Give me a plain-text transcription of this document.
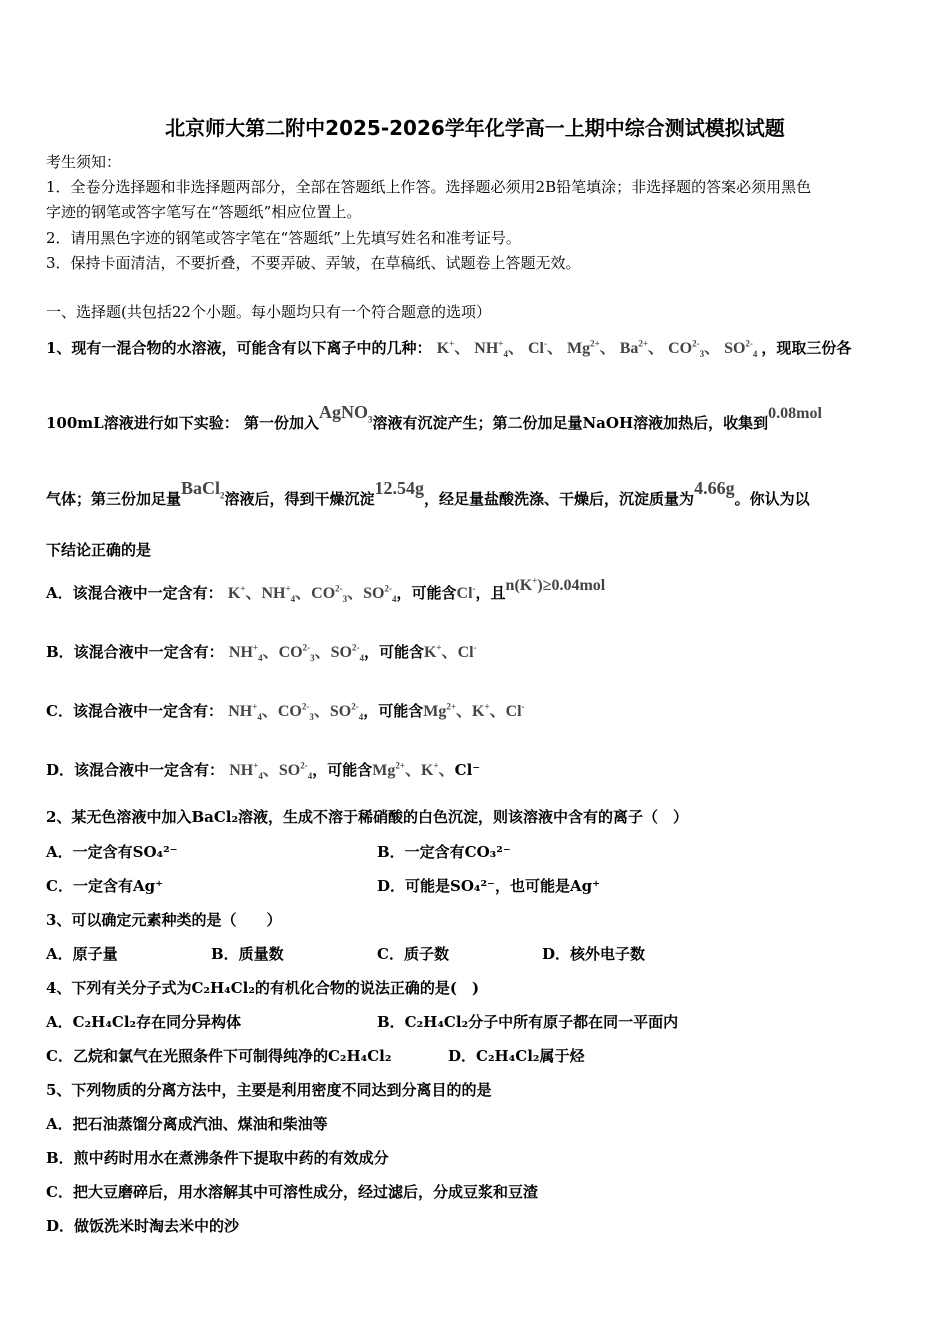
北京师大第二附中2025-2026学年化学高一上期中综合测试模拟试题
考生须知：
1．全卷分选择题和非选择题两部分，全部在答题纸上作答。选择题必须用2B铅笔填涂；非选择题的答案必须用黑色
字迹的钢笔或答字笔写在“答题纸”相应位置上。
2．请用黑色字迹的钢笔或答字笔在“答题纸”上先填写姓名和准考证号。
3．保持卡面清洁，不要折叠，不要弄破、弄皱，在草稿纸、试题卷上答题无效。
一、选择题(共包括22个小题。每小题均只有一个符合题意的选项）
1、现有一混合物的水溶液，可能含有以下离子中的几种： K+、 $NH^+_4$、 Cl-、 $Mg^{2+}$、 $Ba^{2+}$、 $CO^{2-}_3$、 $SO^{2-}_4$ ，现取三份各
100mL溶液进行如下实验： 第一份加入AgNO$_3$溶液有沉淀产生；第二份加足量NaOH溶液加热后，收集到0.08mol
气体；第三份加足量BaCl$_2$溶液后，得到干燥沉淀12.54g，经足量盐酸洗涤、干燥后，沉淀质量为4.66g。你认为以
下结论正确的是
A．该混合液中一定含有： K+、$NH^+_4$、$CO^{2-}_3$、$SO^{2-}_4$，可能含Cl-，且n(K+)≥0.04mol
B．该混合液中一定含有： $NH^+_4$、$CO^{2-}_3$、$SO^{2-}_4$，可能含K+、Cl-
C．该混合液中一定含有： $NH^+_4$、$CO^{2-}_3$、$SO^{2-}_4$，可能含$Mg^{2+}$、K+、Cl-
D．该混合液中一定含有： $NH^+_4$、$SO^{2-}_4$，可能含$Mg^{2+}$、K+、Cl⁻
2、某无色溶液中加入BaCl₂溶液，生成不溶于稀硝酸的白色沉淀，则该溶液中含有的离子（　）
A．一定含有SO₄²⁻	B．一定含有CO₃²⁻
C．一定含有Ag⁺	D．可能是SO₄²⁻，也可能是Ag⁺
3、可以确定元素种类的是（　　）
A．原子量	B．质量数	C．质子数	D．核外电子数
4、下列有关分子式为C₂H₄Cl₂的有机化合物的说法正确的是(　)
A．C₂H₄Cl₂存在同分异构体	B．C₂H₄Cl₂分子中所有原子都在同一平面内
C．乙烷和氯气在光照条件下可制得纯净的C₂H₄Cl₂	D．C₂H₄Cl₂属于烃
5、下列物质的分离方法中，主要是利用密度不同达到分离目的的是
A．把石油蒸馏分离成汽油、煤油和柴油等
B．煎中药时用水在煮沸条件下提取中药的有效成分
C．把大豆磨碎后，用水溶解其中可溶性成分，经过滤后，分成豆浆和豆渣
D．做饭洗米时淘去米中的沙
